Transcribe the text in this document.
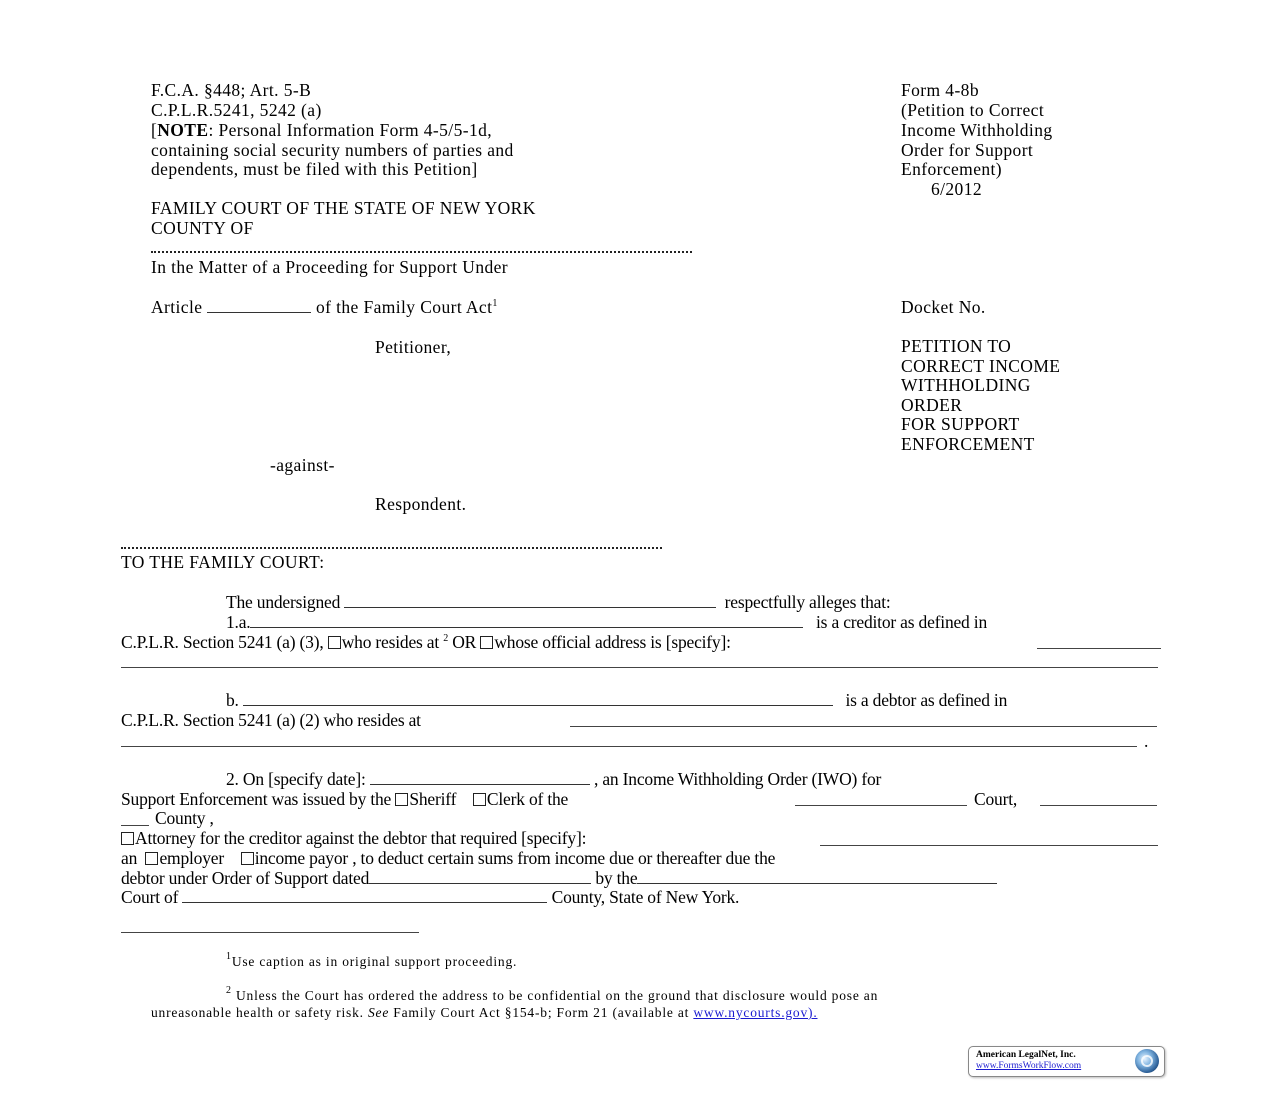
F.C.A. §448; Art. 5-B
C.P.L.R.5241, 5242 (a)
[NOTE: Personal Information Form 4-5/5-1d,
containing social security numbers of parties and
dependents, must be filed with this Petition]
Form 4-8b
(Petition to Correct
Income Withholding
Order for Support
Enforcement)
6/2012
FAMILY COURT OF THE STATE OF NEW YORK
COUNTY OF
In the Matter of a Proceeding for Support Under
Article	of the Family Court Act$^1$	Docket No.
Petitioner,	PETITION TO
CORRECT INCOME
WITHHOLDING
ORDER
FOR SUPPORT
ENFORCEMENT
-against-
Respondent.
TO THE FAMILY COURT:
The undersigned	respectfully alleges that:
1.a.	is a creditor as defined in
C.P.L.R. Section 5241 (a) (3), who resides at $^2$ OR whose official address is [specify]:
b.	is a debtor as defined in
C.P.L.R. Section 5241 (a) (2) who resides at
.
2. On [specify date]:	, an Income Withholding Order (IWO) for
Support Enforcement was issued by the Sheriff Clerk of the	Court,
County ,
Attorney for the creditor against the debtor that required [specify]:
an employer income payor , to deduct certain sums from income due or thereafter due the
debtor under Order of Support dated	by the
Court of	County, State of New York.
$^1$Use caption as in original support proceeding.
$^2$ Unless the Court has ordered the address to be confidential on the ground that disclosure would pose an
unreasonable health or safety risk. See Family Court Act §154-b; Form 21 (available at www.nycourts.gov).
American LegalNet, Inc.
www.FormsWorkFlow.com
